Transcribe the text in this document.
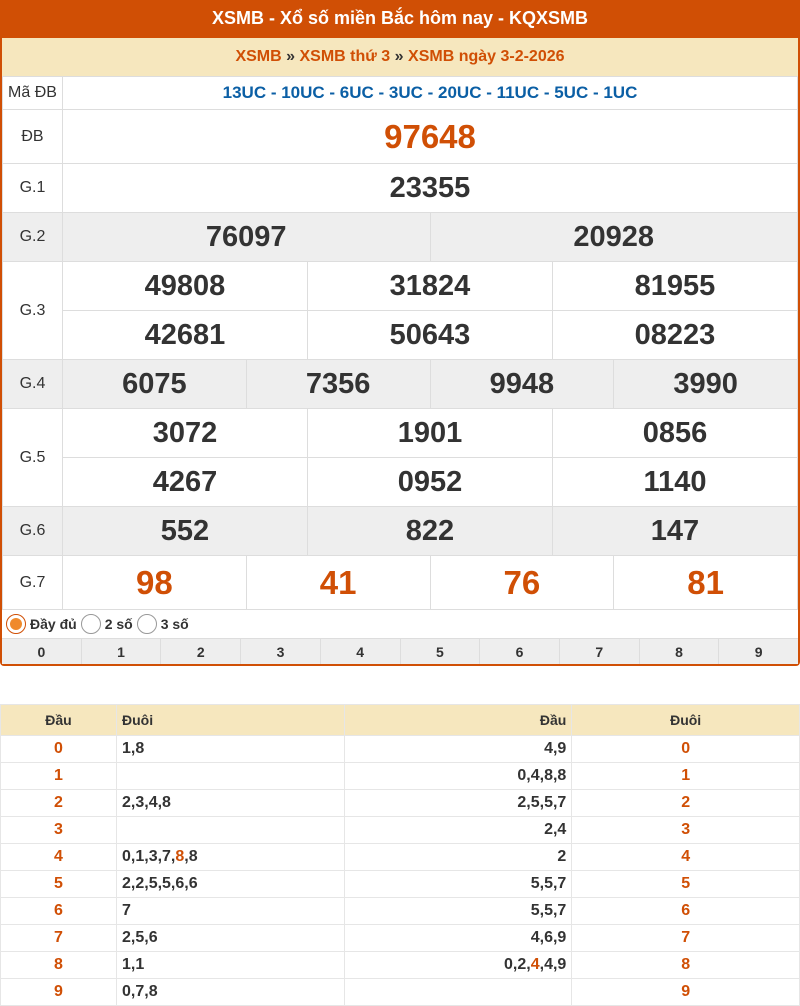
XSMB - Xổ số miền Bắc hôm nay - KQXSMB
XSMB » XSMB thứ 3 » XSMB ngày 3-2-2026
Mã ĐB	13UC - 10UC - 6UC - 3UC - 20UC - 11UC - 5UC - 1UC					
ĐB	97648					
G.1	23355					
G.2	76097			20928		
G.3	49808		31824		81955	
	42681		50643		08223	
G.4	6075	7356		9948		3990
G.5	3072		1901		0856	
	4267		0952		1140	
G.6	552		822		147	
G.7	98	41		76		81
Đầy đủ 2 số 3 số
0	1	2	3	4	5	6	7	8	9
Đầu	Đuôi	Đầu	Đuôi
0	1,8	4,9	0
1		0,4,8,8	1
2	2,3,4,8	2,5,5,7	2
3		2,4	3
4	0,1,3,7,8,8	2	4
5	2,2,5,5,6,6	5,5,7	5
6	7	5,5,7	6
7	2,5,6	4,6,9	7
8	1,1	0,2,4,4,9	8
9	0,7,8		9
